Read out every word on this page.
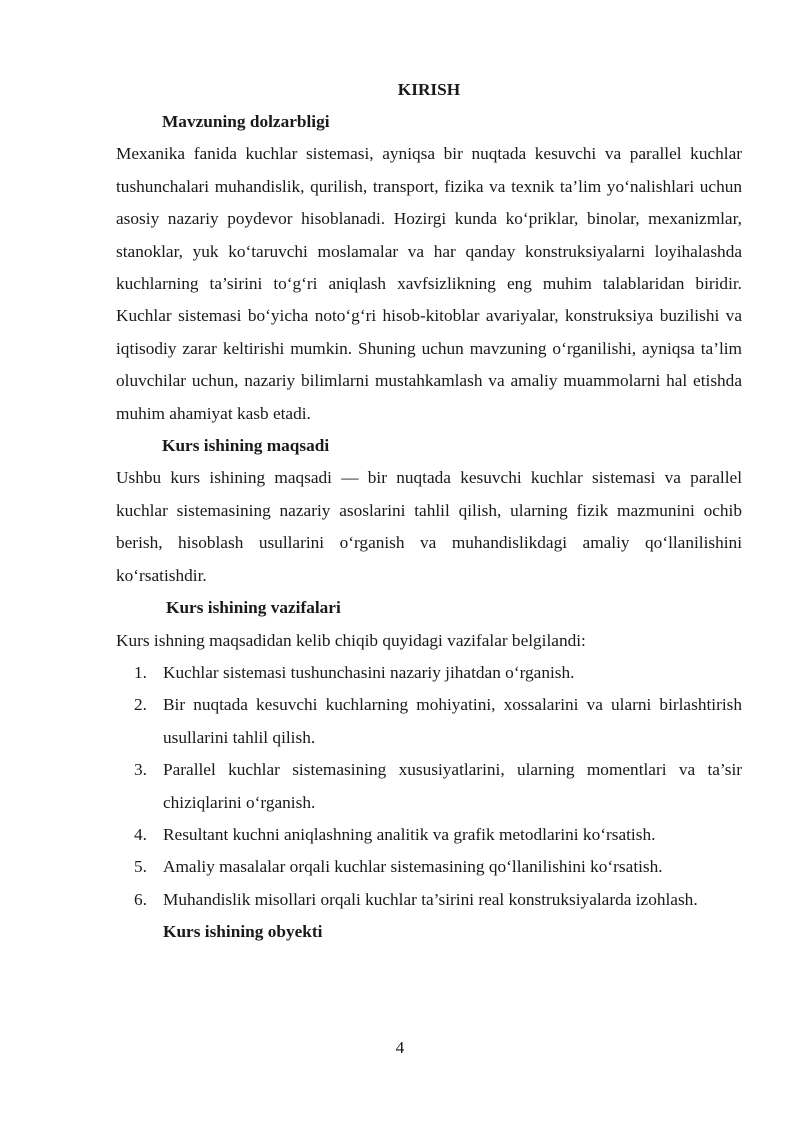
KIRISH

Mavzuning dolzarbligi

Mexanika fanida kuchlar sistemasi, ayniqsa bir nuqtada kesuvchi va parallel kuchlar tushunchalari muhandislik, qurilish, transport, fizika va texnik ta’lim yo‘nalishlari uchun asosiy nazariy poydevor hisoblanadi. Hozirgi kunda ko‘priklar, binolar, mexanizmlar, stanoklar, yuk ko‘taruvchi moslamalar va har qanday konstruksiyalarni loyihalashda kuchlarning ta’sirini to‘g‘ri aniqlash xavfsizlikning eng muhim talablaridan biridir. Kuchlar sistemasi bo‘yicha noto‘g‘ri hisob-kitoblar avariyalar, konstruksiya buzilishi va iqtisodiy zarar keltirishi mumkin. Shuning uchun mavzuning o‘rganilishi, ayniqsa ta’lim oluvchilar uchun, nazariy bilimlarni mustahkamlash va amaliy muammolarni hal etishda muhim ahamiyat kasb etadi.

Kurs ishining maqsadi

Ushbu kurs ishining maqsadi — bir nuqtada kesuvchi kuchlar sistemasi va parallel kuchlar sistemasining nazariy asoslarini tahlil qilish, ularning fizik mazmunini ochib berish, hisoblash usullarini o‘rganish va muhandislikdagi amaliy qo‘llanilishini ko‘rsatishdir.

Kurs ishining vazifalari

Kurs ishning maqsadidan kelib chiqib quyidagi vazifalar belgilandi:

1. Kuchlar sistemasi tushunchasini nazariy jihatdan o‘rganish.
2. Bir nuqtada kesuvchi kuchlarning mohiyatini, xossalarini va ularni birlashtirish usullarini tahlil qilish.
3. Parallel kuchlar sistemasining xususiyatlarini, ularning momentlari va ta’sir chiziqlarini o‘rganish.
4. Resultant kuchni aniqlashning analitik va grafik metodlarini ko‘rsatish.
5. Amaliy masalalar orqali kuchlar sistemasining qo‘llanilishini ko‘rsatish.
6. Muhandislik misollari orqali kuchlar ta’sirini real konstruksiyalarda izohlash.

Kurs ishining obyekti

4
